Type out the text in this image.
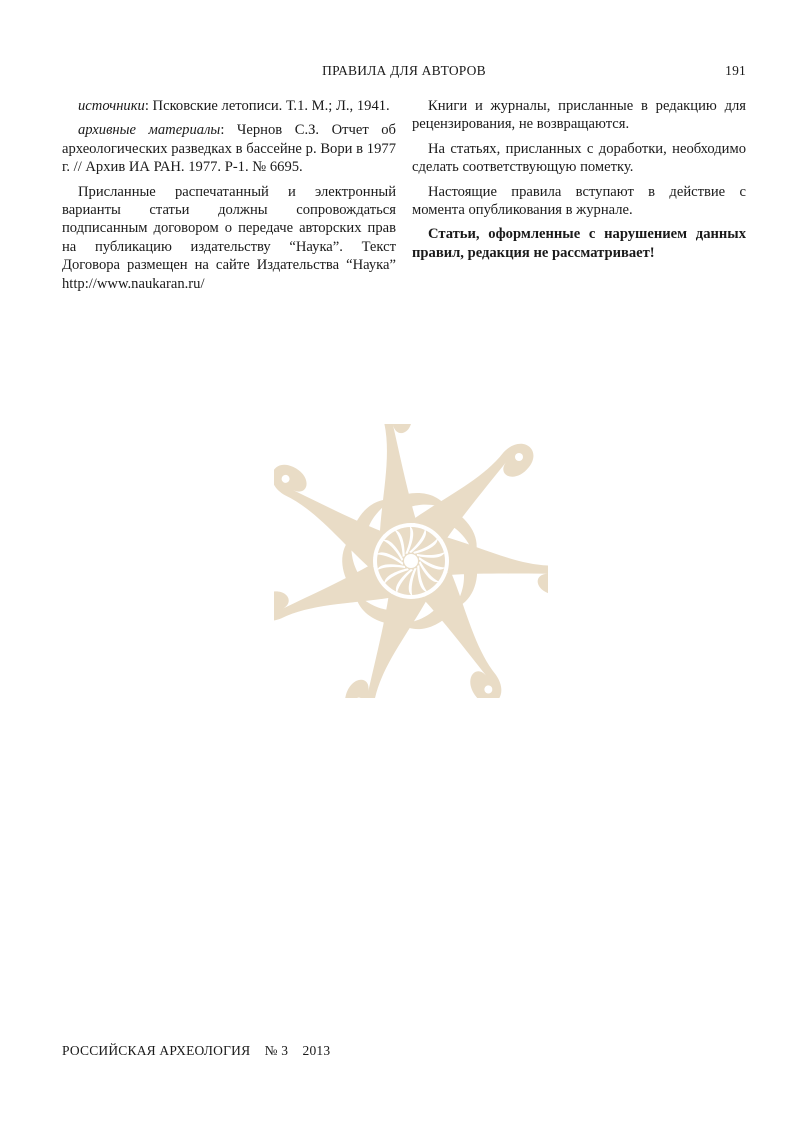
ПРАВИЛА ДЛЯ АВТОРОВ	191

источники: Псковские летописи. Т.1. М.; Л., 1941.

архивные материалы: Чернов С.З. Отчет об археологических разведках в бассейне р. Вори в 1977 г. // Архив ИА РАН. 1977. Р-1. № 6695.

Присланные распечатанный и электронный варианты статьи должны сопровождаться подписанным договором о передаче авторских прав на публикацию издательству “Наука”. Текст Договора размещен на сайте Издательства “Наука” http://www.naukaran.ru/

Книги и журналы, присланные в редакцию для рецензирования, не возвращаются.

На статьях, присланных с доработки, необходимо сделать соответствующую пометку.

Настоящие правила вступают в действие с момента опубликования в журнале.

Статьи, оформленные с нарушением данных правил, редакция не рассматривает!

РОССИЙСКАЯ АРХЕОЛОГИЯ № 3 2013
